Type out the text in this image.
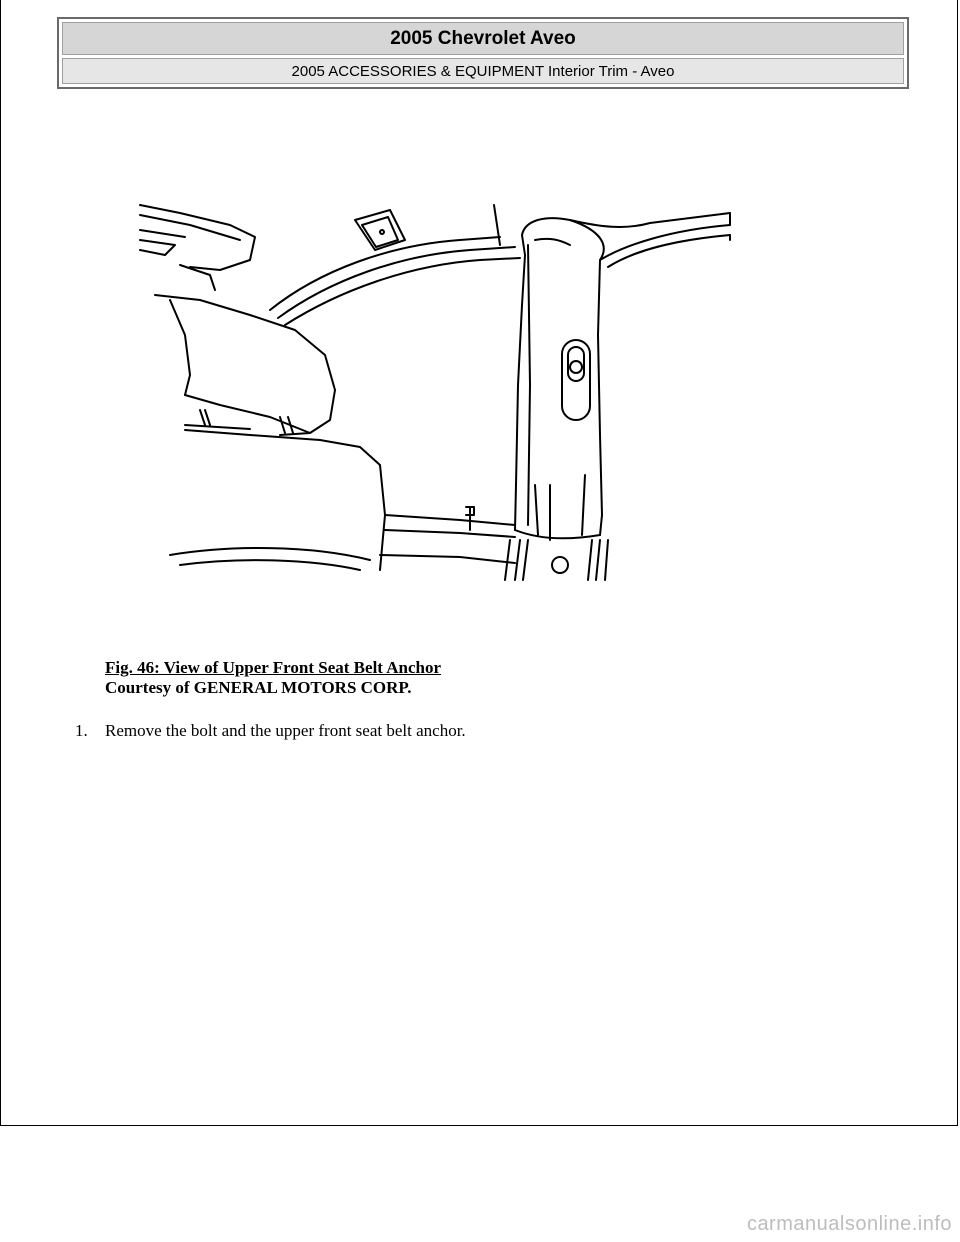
2005 Chevrolet Aveo
2005 ACCESSORIES & EQUIPMENT Interior Trim - Aveo
Fig. 46: View of Upper Front Seat Belt Anchor
Courtesy of GENERAL MOTORS CORP.
1. Remove the bolt and the upper front seat belt anchor.
carmanualsonline.info
